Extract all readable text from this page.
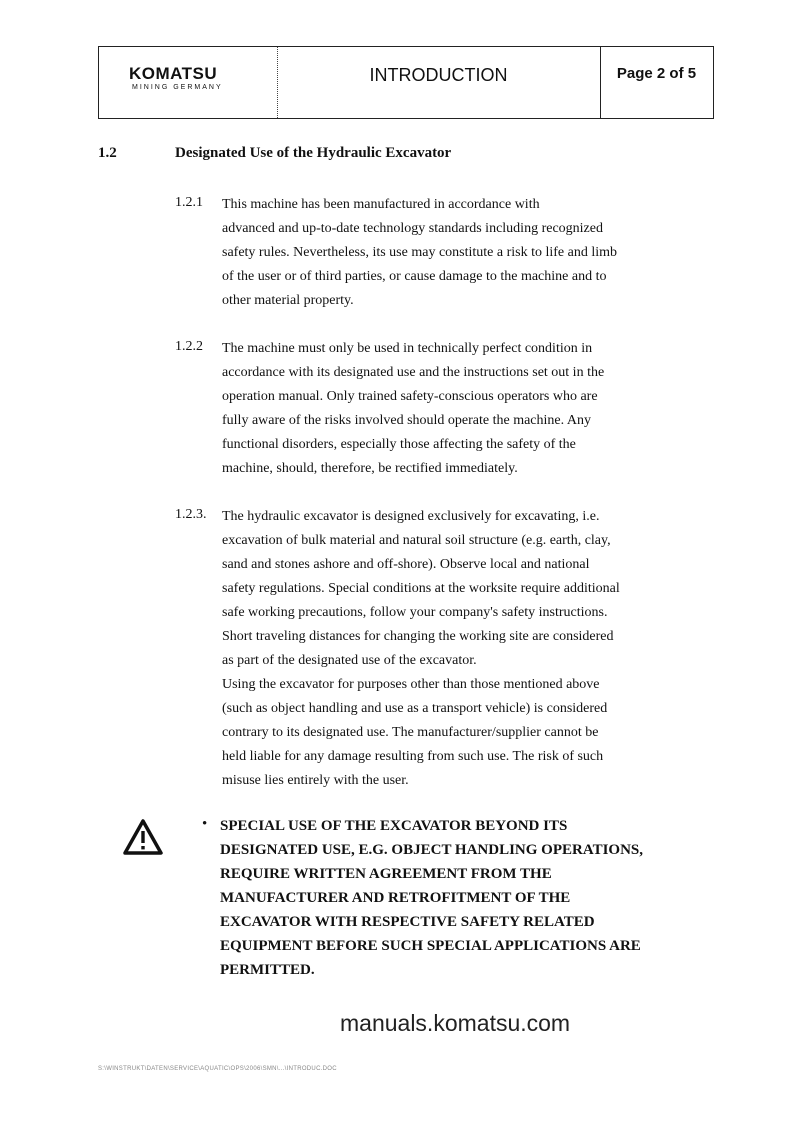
KOMATSU
MINING GERMANY
INTRODUCTION	Page 2 of 5
1.2	Designated Use of the Hydraulic Excavator
1.2.1 This machine has been manufactured in accordance with
advanced and up-to-date technology standards including recognized
safety rules. Nevertheless, its use may constitute a risk to life and limb
of the user or of third parties, or cause damage to the machine and to
other material property.
1.2.2 The machine must only be used in technically perfect condition in
accordance with its designated use and the instructions set out in the
operation manual. Only trained safety-conscious operators who are
fully aware of the risks involved should operate the machine. Any
functional disorders, especially those affecting the safety of the
machine, should, therefore, be rectified immediately.
1.2.3. The hydraulic excavator is designed exclusively for excavating, i.e.
excavation of bulk material and natural soil structure (e.g. earth, clay,
sand and stones ashore and off-shore). Observe local and national
safety regulations. Special conditions at the worksite require additional
safe working precautions, follow your company's safety instructions.
Short traveling distances for changing the working site are considered
as part of the designated use of the excavator.
Using the excavator for purposes other than those mentioned above
(such as object handling and use as a transport vehicle) is considered
contrary to its designated use. The manufacturer/supplier cannot be
held liable for any damage resulting from such use. The risk of such
misuse lies entirely with the user.
• SPECIAL USE OF THE EXCAVATOR BEYOND ITS
DESIGNATED USE, E.G. OBJECT HANDLING OPERATIONS,
REQUIRE WRITTEN AGREEMENT FROM THE
MANUFACTURER AND RETROFITMENT OF THE
EXCAVATOR WITH RESPECTIVE SAFETY RELATED
EQUIPMENT BEFORE SUCH SPECIAL APPLICATIONS ARE
PERMITTED.
manuals.komatsu.com
S:\WINSTRUKT\DATEN\SERVICE\AQUATIC\OPS\2006\SMN\...\INTRODUC.DOC
